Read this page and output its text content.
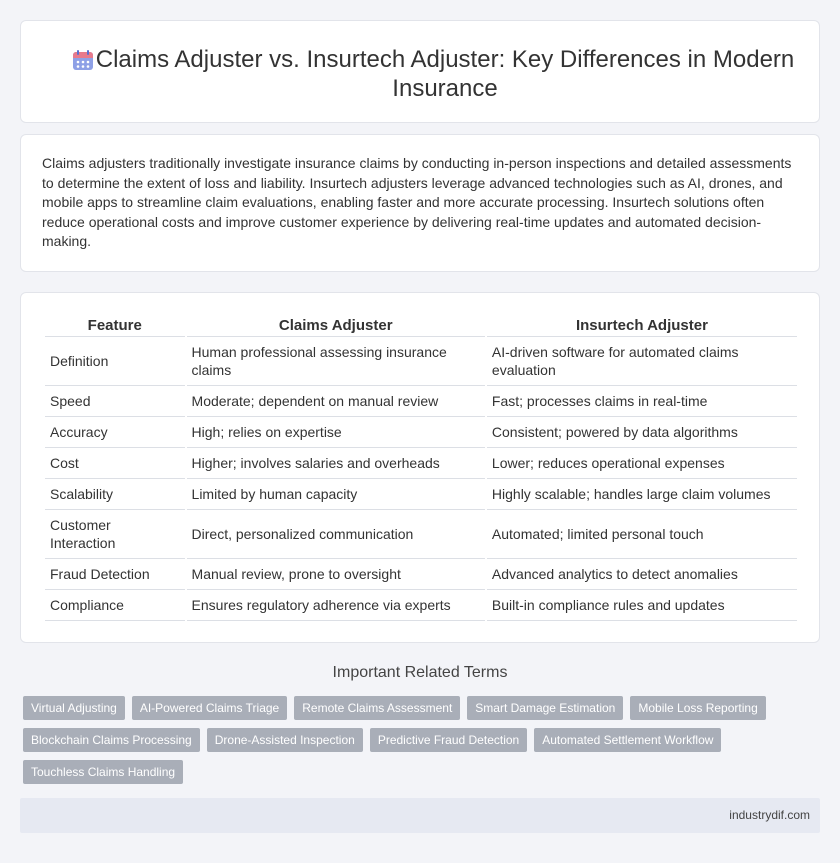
Claims Adjuster vs. Insurtech Adjuster: Key Differences in Modern Insurance

Claims adjusters traditionally investigate insurance claims by conducting in-person inspections and detailed assessments to determine the extent of loss and liability. Insurtech adjusters leverage advanced technologies such as AI, drones, and mobile apps to streamline claim evaluations, enabling faster and more accurate processing. Insurtech solutions often reduce operational costs and improve customer experience by delivering real-time updates and automated decision-making.

Feature	Claims Adjuster	Insurtech Adjuster
Definition	Human professional assessing insurance claims	AI-driven software for automated claims evaluation
Speed	Moderate; dependent on manual review	Fast; processes claims in real-time
Accuracy	High; relies on expertise	Consistent; powered by data algorithms
Cost	Higher; involves salaries and overheads	Lower; reduces operational expenses
Scalability	Limited by human capacity	Highly scalable; handles large claim volumes
Customer Interaction	Direct, personalized communication	Automated; limited personal touch
Fraud Detection	Manual review, prone to oversight	Advanced analytics to detect anomalies
Compliance	Ensures regulatory adherence via experts	Built-in compliance rules and updates
Important Related Terms
Virtual Adjusting	AI-Powered Claims Triage	Remote Claims Assessment	Smart Damage Estimation	Mobile Loss Reporting
Blockchain Claims Processing	Drone-Assisted Inspection	Predictive Fraud Detection	Automated Settlement Workflow
Touchless Claims Handling
industrydif.com
